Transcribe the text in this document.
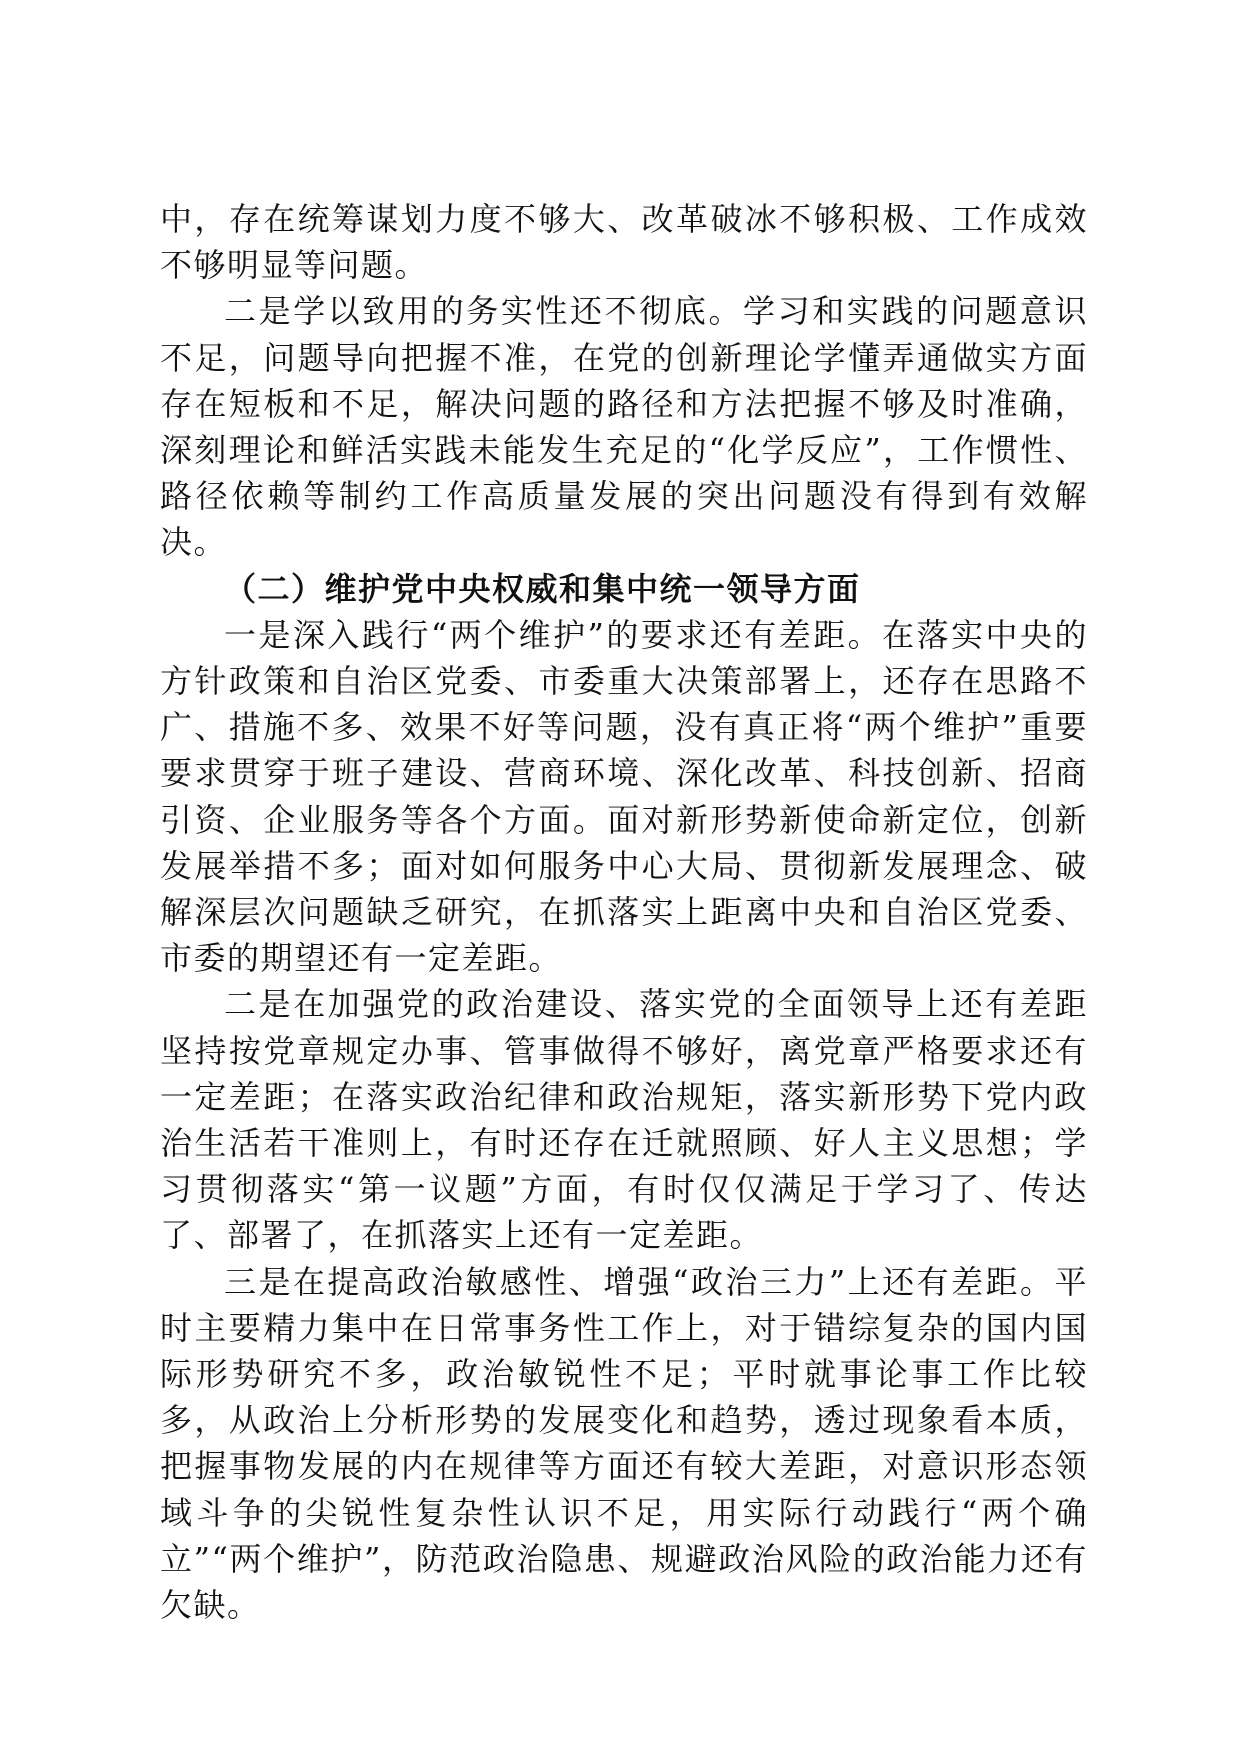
中，存在统筹谋划力度不够大、改革破冰不够积极、工作成效不够明显等问题。

二是学以致用的务实性还不彻底。学习和实践的问题意识不足，问题导向把握不准，在党的创新理论学懂弄通做实方面存在短板和不足，解决问题的路径和方法把握不够及时准确，深刻理论和鲜活实践未能发生充足的“化学反应”，工作惯性、路径依赖等制约工作高质量发展的突出问题没有得到有效解决。

（二）维护党中央权威和集中统一领导方面

一是深入践行“两个维护”的要求还有差距。在落实中央的方针政策和自治区党委、市委重大决策部署上，还存在思路不广、措施不多、效果不好等问题，没有真正将“两个维护”重要要求贯穿于班子建设、营商环境、深化改革、科技创新、招商引资、企业服务等各个方面。面对新形势新使命新定位，创新发展举措不多；面对如何服务中心大局、贯彻新发展理念、破解深层次问题缺乏研究，在抓落实上距离中央和自治区党委、市委的期望还有一定差距。

二是在加强党的政治建设、落实党的全面领导上还有差距坚持按党章规定办事、管事做得不够好，离党章严格要求还有一定差距；在落实政治纪律和政治规矩，落实新形势下党内政治生活若干准则上，有时还存在迁就照顾、好人主义思想；学习贯彻落实“第一议题”方面，有时仅仅满足于学习了、传达了、部署了，在抓落实上还有一定差距。

三是在提高政治敏感性、增强“政治三力”上还有差距。平时主要精力集中在日常事务性工作上，对于错综复杂的国内国际形势研究不多，政治敏锐性不足；平时就事论事工作比较多，从政治上分析形势的发展变化和趋势，透过现象看本质，把握事物发展的内在规律等方面还有较大差距，对意识形态领域斗争的尖锐性复杂性认识不足，用实际行动践行“两个确立”“两个维护”，防范政治隐患、规避政治风险的政治能力还有欠缺。
